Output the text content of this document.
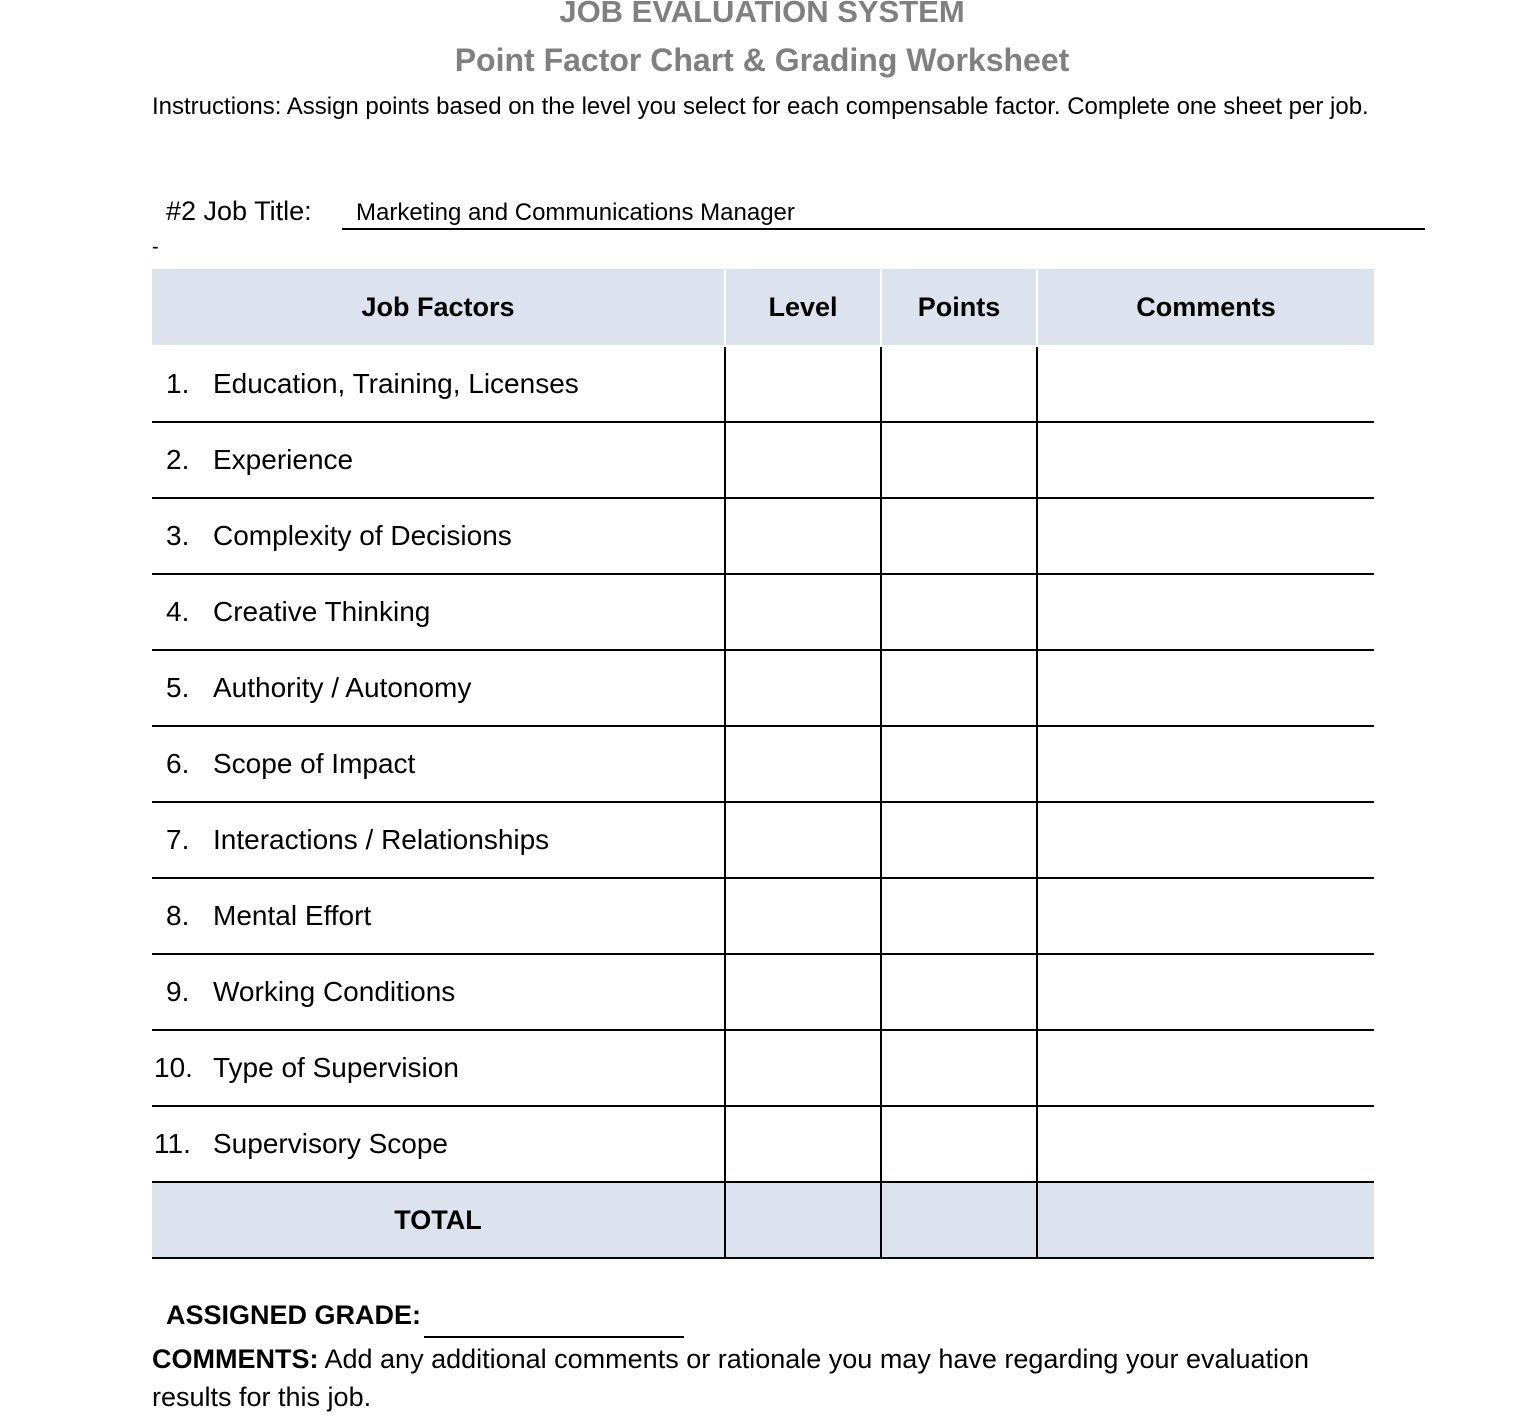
JOB EVALUATION SYSTEM
Point Factor Chart & Grading Worksheet
Instructions: Assign points based on the level you select for each compensable factor. Complete one sheet per job.
#2 Job Title:	Marketing and Communications Manager
-
Job Factors	Level	Points	Comments

1. Education, Training, Licenses			

2. Experience			

3. Complexity of Decisions			

4. Creative Thinking			

5. Authority / Autonomy			

6. Scope of Impact			

7. Interactions / Relationships			

8. Mental Effort			

9. Working Conditions			

10. Type of Supervision			

11. Supervisory Scope			

TOTAL			
ASSIGNED GRADE:
COMMENTS: Add any additional comments or rationale you may have regarding your evaluation results for this job.
